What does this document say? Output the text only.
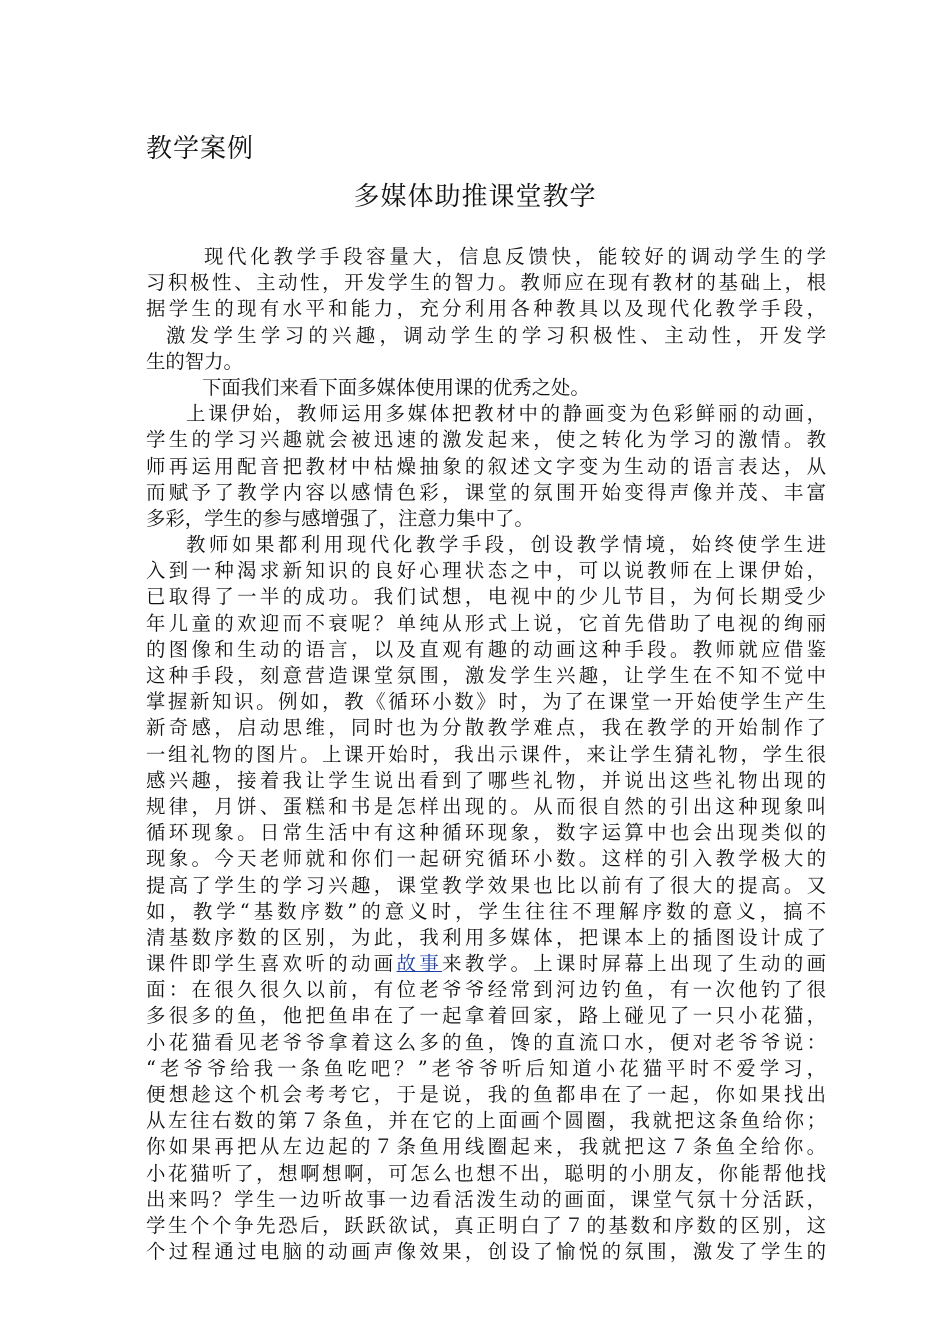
教学案例
多媒体助推课堂教学
现代化教学手段容量大，信息反馈快，能较好的调动学生的学
习积极性、主动性，开发学生的智力。教师应在现有教材的基础上，根
据学生的现有水平和能力，充分利用各种教具以及现代化教学手段，
激发学生学习的兴趣，调动学生的学习积极性、主动性，开发学
生的智力。
下面我们来看下面多媒体使用课的优秀之处。
上课伊始，教师运用多媒体把教材中的静画变为色彩鲜丽的动画，
学生的学习兴趣就会被迅速的激发起来，使之转化为学习的激情。教
师再运用配音把教材中枯燥抽象的叙述文字变为生动的语言表达，从
而赋予了教学内容以感情色彩，课堂的氛围开始变得声像并茂、丰富
多彩，学生的参与感增强了，注意力集中了。
教师如果都利用现代化教学手段，创设教学情境，始终使学生进
入到一种渴求新知识的良好心理状态之中，可以说教师在上课伊始，
已取得了一半的成功。我们试想，电视中的少儿节目，为何长期受少
年儿童的欢迎而不衰呢？单纯从形式上说，它首先借助了电视的绚丽
的图像和生动的语言，以及直观有趣的动画这种手段。教师就应借鉴
这种手段，刻意营造课堂氛围，激发学生兴趣，让学生在不知不觉中
掌握新知识。例如，教《循环小数》时，为了在课堂一开始使学生产生
新奇感，启动思维，同时也为分散教学难点，我在教学的开始制作了
一组礼物的图片。上课开始时，我出示课件，来让学生猜礼物，学生很
感兴趣，接着我让学生说出看到了哪些礼物，并说出这些礼物出现的
规律，月饼、蛋糕和书是怎样出现的。从而很自然的引出这种现象叫
循环现象。日常生活中有这种循环现象，数字运算中也会出现类似的
现象。今天老师就和你们一起研究循环小数。这样的引入教学极大的
提高了学生的学习兴趣，课堂教学效果也比以前有了很大的提高。又
如，教学“基数序数”的意义时，学生往往不理解序数的意义，搞不
清基数序数的区别，为此，我利用多媒体，把课本上的插图设计成了
课件即学生喜欢听的动画故事来教学。上课时屏幕上出现了生动的画
面：在很久很久以前，有位老爷爷经常到河边钓鱼，有一次他钓了很
多很多的鱼，他把鱼串在了一起拿着回家，路上碰见了一只小花猫，
小花猫看见老爷爷拿着这么多的鱼，馋的直流口水，便对老爷爷说：
“老爷爷给我一条鱼吃吧？”老爷爷听后知道小花猫平时不爱学习，
便想趁这个机会考考它，于是说，我的鱼都串在了一起，你如果找出
从左往右数的第７条鱼，并在它的上面画个圆圈，我就把这条鱼给你；
你如果再把从左边起的７条鱼用线圈起来，我就把这７条鱼全给你。
小花猫听了，想啊想啊，可怎么也想不出，聪明的小朋友，你能帮他找
出来吗？学生一边听故事一边看活泼生动的画面，课堂气氛十分活跃，
学生个个争先恐后，跃跃欲试，真正明白了７的基数和序数的区别，这
个过程通过电脑的动画声像效果，创设了愉悦的氛围，激发了学生的
